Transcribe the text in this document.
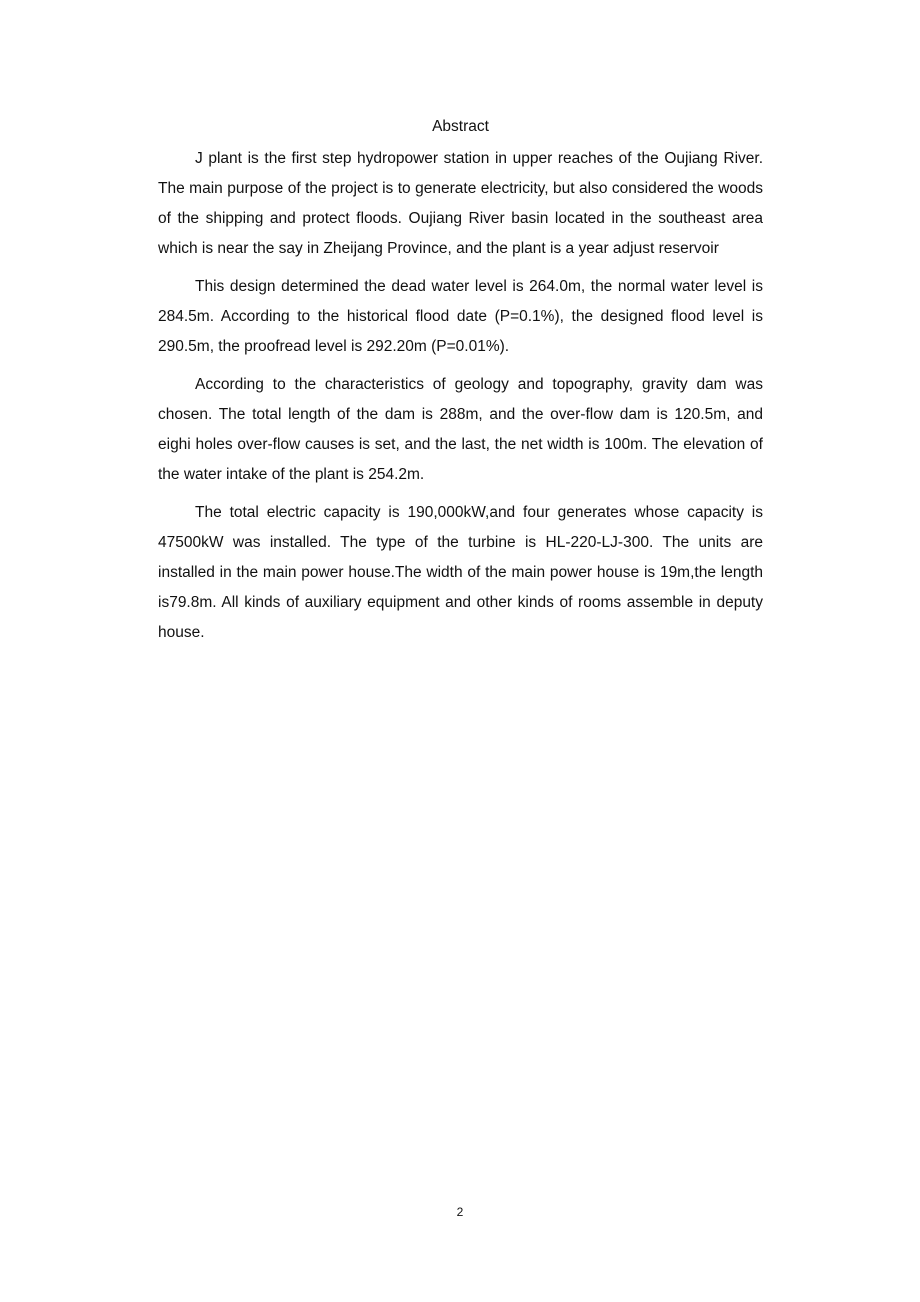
Abstract

J plant is the first step hydropower station in upper reaches of the Oujiang River. The main purpose of the project is to generate electricity, but also considered the woods of the shipping and protect floods. Oujiang River basin located in the southeast area which is near the say in Zheijang Province, and the plant is a year adjust reservoir

This design determined the dead water level is 264.0m, the normal water level is 284.5m. According to the historical flood date (P=0.1%), the designed flood level is 290.5m, the proofread level is 292.20m (P=0.01%).

According to the characteristics of geology and topography, gravity dam was chosen. The total length of the dam is 288m, and the over-flow dam is 120.5m, and eighi holes over-flow causes is set, and the last, the net width is 100m. The elevation of the water intake of the plant is 254.2m.

The total electric capacity is 190,000kW,and four generates whose capacity is 47500kW was installed. The type of the turbine is HL-220-LJ-300. The units are installed in the main power house.The width of the main power house is 19m,the length is79.8m. All kinds of auxiliary equipment and other kinds of rooms assemble in deputy house.

2
